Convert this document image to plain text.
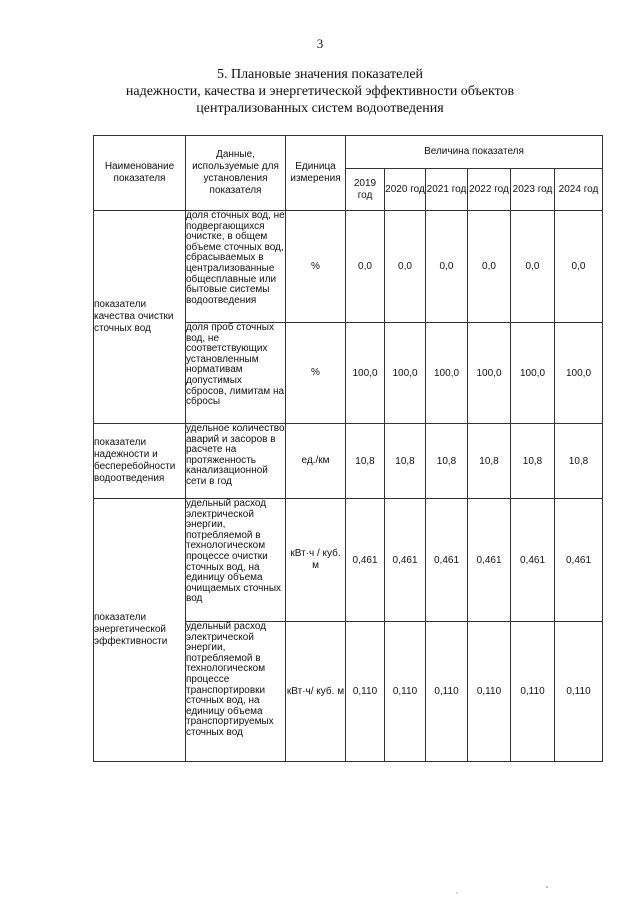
3
5. Плановые значения показателей
надежности, качества и энергетической эффективности объектов
централизованных систем водоотведения
Наименование показателя	Данные, используемые для установления показателя	Единица измерения	Величина показателя					
			2019 год	2020 год	2021 год	2022 год	2023 год	2024 год
показатели качества очистки сточных вод	доля сточных вод, не подвергающихся очистке, в общем объеме сточных вод, сбрасываемых в централизованные общесплавные или бытовые системы водоотведения	%	0,0	0,0	0,0	0,0	0,0	0,0
	доля проб сточных вод, не соответствующих установленным нормативам допустимых сбросов, лимитам на сбросы	%	100,0	100,0	100,0	100,0	100,0	100,0
показатели надежности и бесперебойности водоотведения	удельное количество аварий и засоров в расчете на протяженность канализационной сети в год	ед./км	10,8	10,8	10,8	10,8	10,8	10,8
показатели энергетической эффективности	удельный расход электрической энергии, потребляемой в технологическом процессе очистки сточных вод, на единицу объема очищаемых сточных вод	кВт·ч / куб. м	0,461	0,461	0,461	0,461	0,461	0,461
	удельный расход электрической энергии, потребляемой в технологическом процессе транспортировки сточных вод, на единицу объема транспортируемых сточных вод	кВт·ч/ куб. м	0,110	0,110	0,110	0,110	0,110	0,110
